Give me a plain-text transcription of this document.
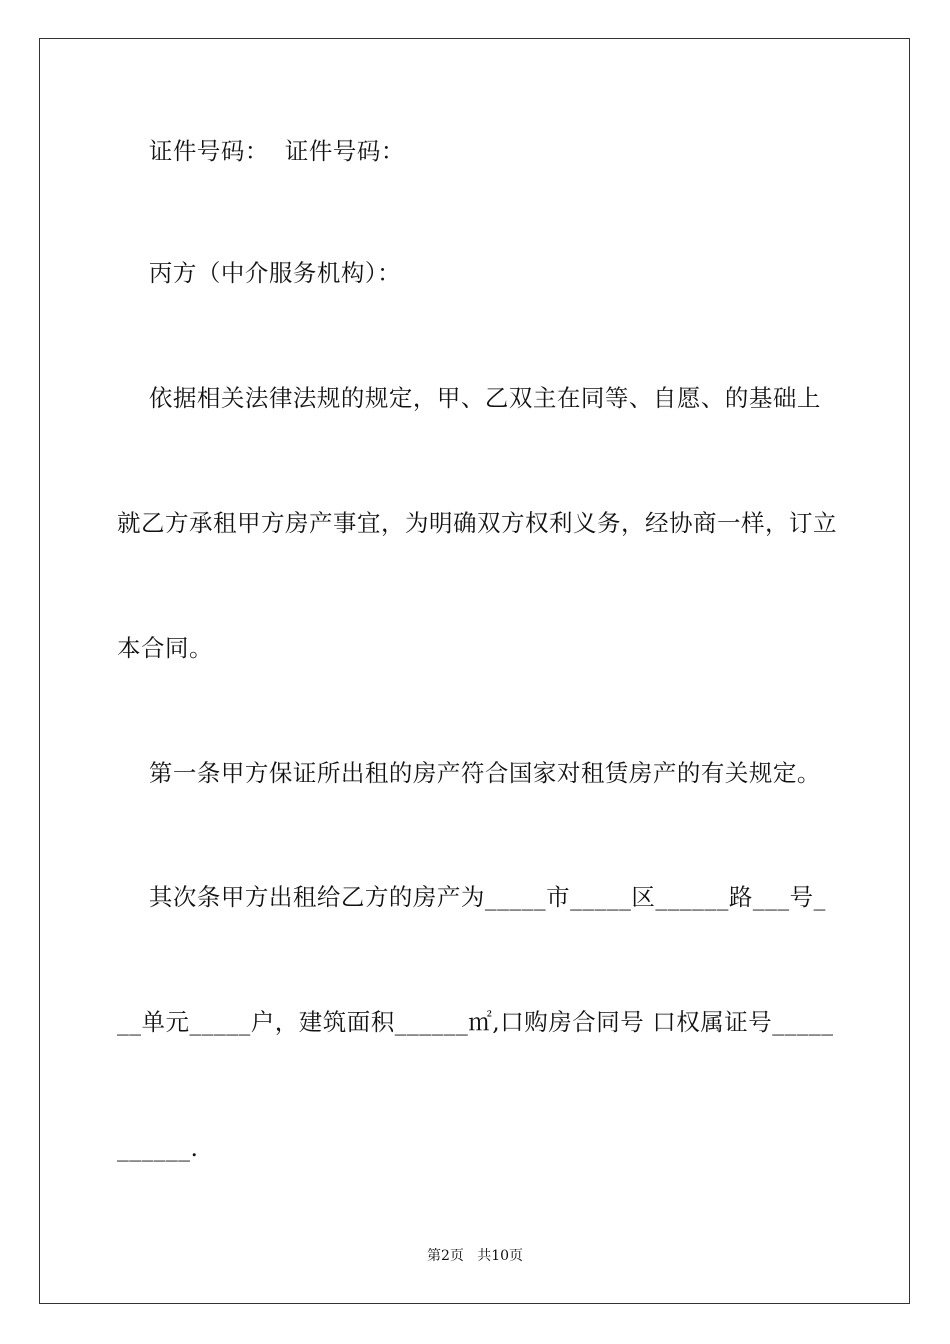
证件号码：  证件号码：
丙方（中介服务机构）：
依据相关法律法规的规定，甲、乙双主在同等、自愿、的基础上
就乙方承租甲方房产事宜，为明确双方权利义务，经协商一样，订立
本合同。
第一条甲方保证所出租的房产符合国家对租赁房产的有关规定。
其次条甲方出租给乙方的房产为_____市_____区______路___号_
__单元_____户，建筑面积______㎡,口购房合同号 口权属证号_____
______.
第2页   共10页
